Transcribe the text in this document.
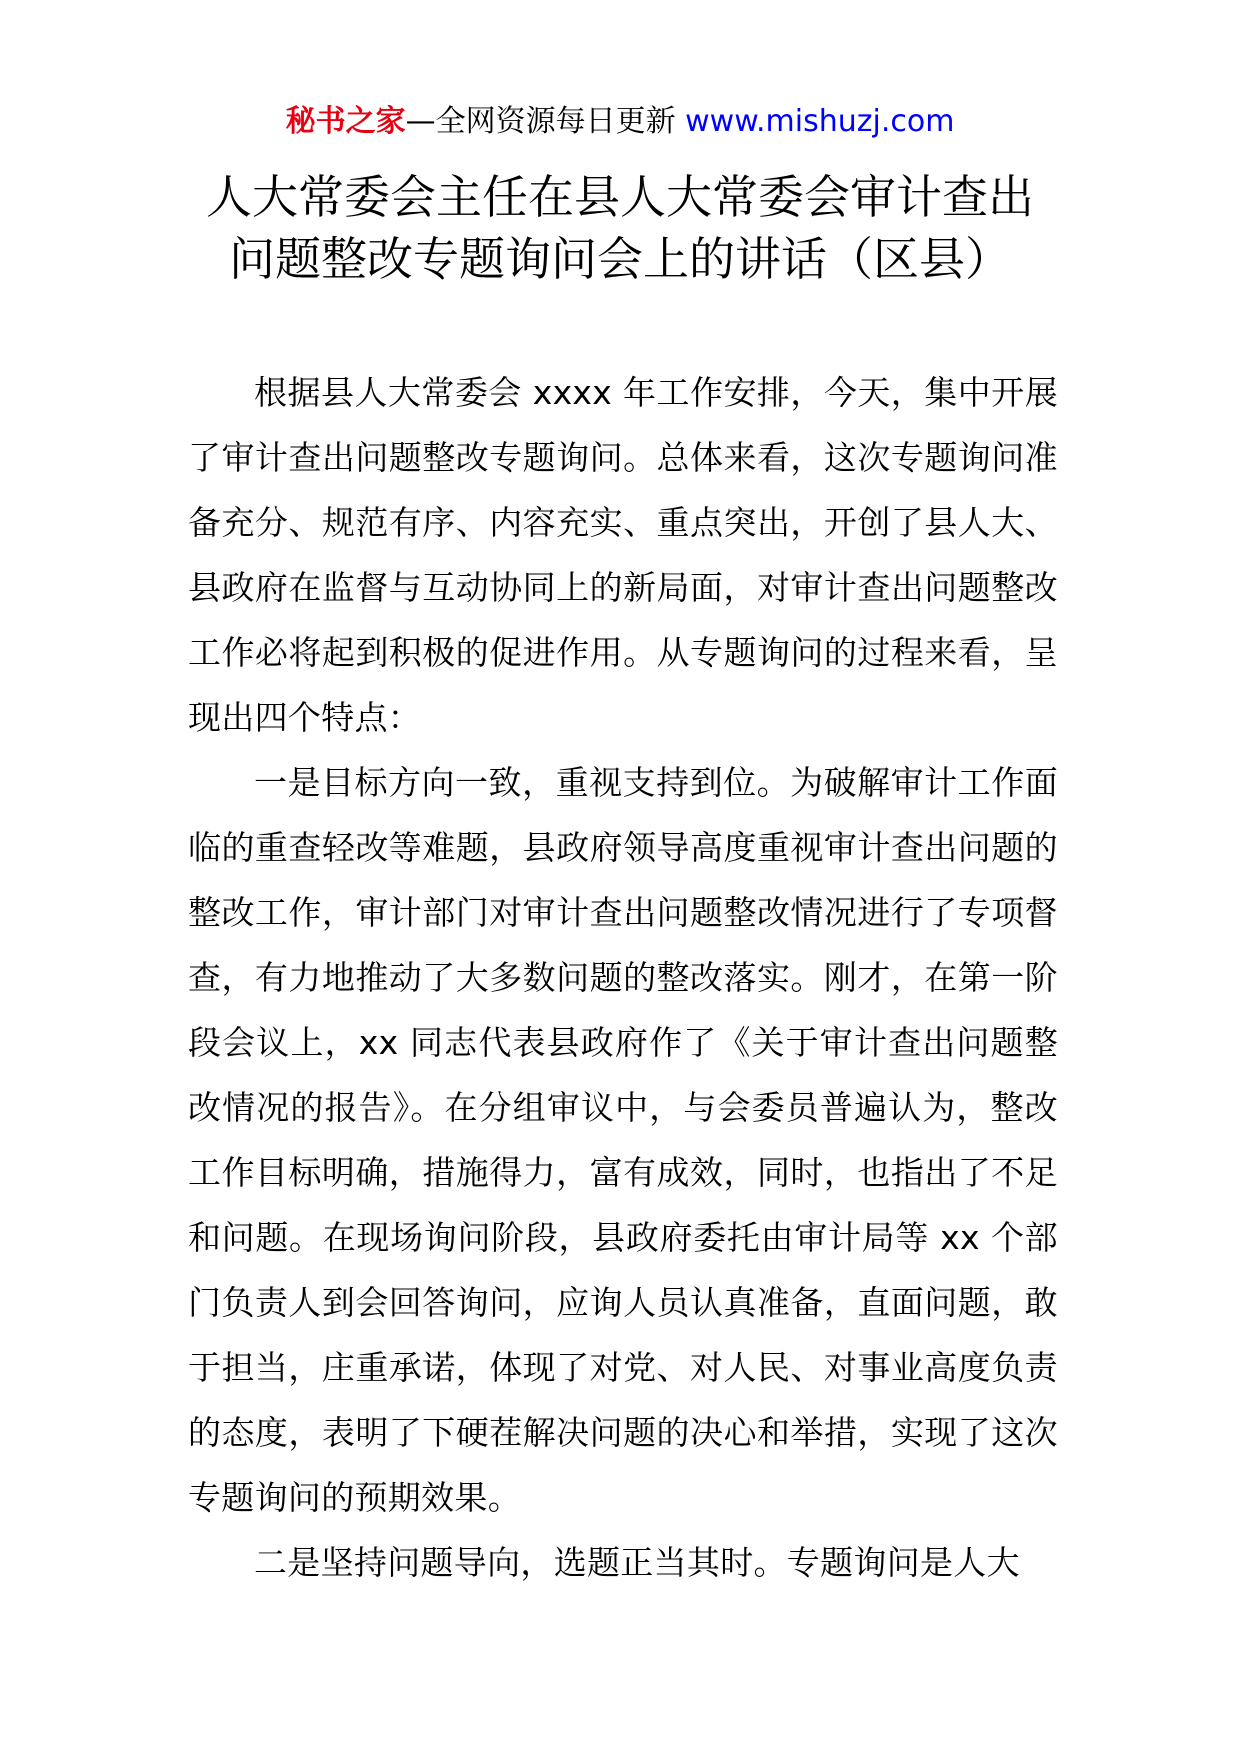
秘书之家—全网资源每日更新 www.mishuzj.com
人大常委会主任在县人大常委会审计查出
问题整改专题询问会上的讲话（区县）

根据县人大常委会 xxxx 年工作安排，今天，集中开展了审计查出问题整改专题询问。总体来看，这次专题询问准备充分、规范有序、内容充实、重点突出，开创了县人大、县政府在监督与互动协同上的新局面，对审计查出问题整改工作必将起到积极的促进作用。从专题询问的过程来看，呈现出四个特点：

一是目标方向一致，重视支持到位。为破解审计工作面临的重查轻改等难题，县政府领导高度重视审计查出问题的整改工作，审计部门对审计查出问题整改情况进行了专项督查，有力地推动了大多数问题的整改落实。刚才，在第一阶段会议上，xx 同志代表县政府作了《关于审计查出问题整改情况的报告》。在分组审议中，与会委员普遍认为，整改工作目标明确，措施得力，富有成效，同时，也指出了不足和问题。在现场询问阶段，县政府委托由审计局等 xx 个部门负责人到会回答询问，应询人员认真准备，直面问题，敢于担当，庄重承诺，体现了对党、对人民、对事业高度负责的态度，表明了下硬茬解决问题的决心和举措，实现了这次专题询问的预期效果。

二是坚持问题导向，选题正当其时。专题询问是人大
